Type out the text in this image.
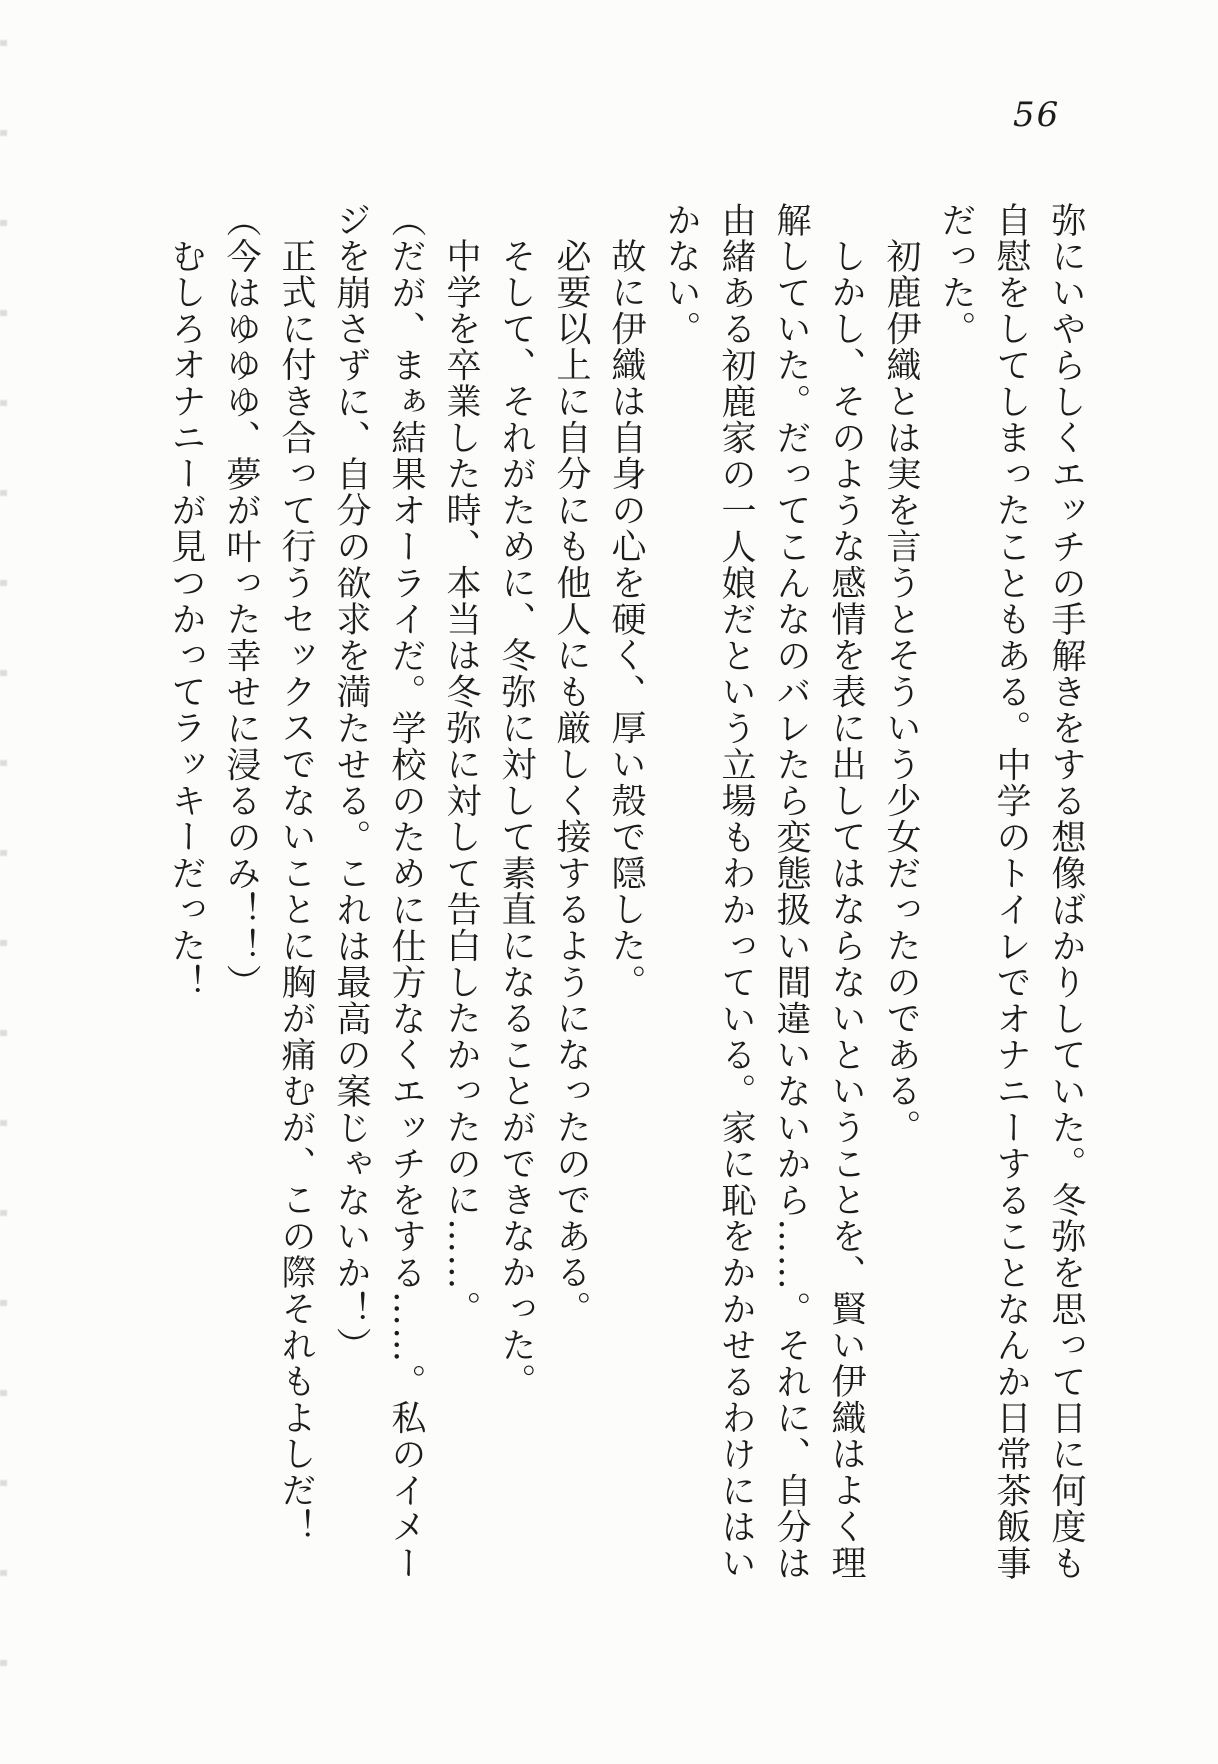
56

弥にいやらしくエッチの手解きをする想像ばかりしていた。冬弥を思って日に何度も自慰をしてしまったこともある。中学のトイレでオナニーすることなんか日常茶飯事だった。

初鹿伊織とは実を言うとそういう少女だったのである。

しかし、そのような感情を表に出してはならないということを、賢い伊織はよく理解していた。だってこんなのバレたら変態扱い間違いないから……。それに、自分は由緒ある初鹿家の一人娘だという立場もわかっている。家に恥をかかせるわけにはいかない。

故に伊織は自身の心を硬く、厚い殻で隠した。

必要以上に自分にも他人にも厳しく接するようになったのである。

そして、それがために、冬弥に対して素直になることができなかった。

中学を卒業した時、本当は冬弥に対して告白したかったのに……。

（だが、まぁ結果オーライだ。学校のために仕方なくエッチをする……。私のイメージを崩さずに、自分の欲求を満たせる。これは最高の案じゃないか！）

正式に付き合って行うセックスでないことに胸が痛むが、この際それもよしだ！

（今はゆゆゆ、夢が叶った幸せに浸るのみ！！）

むしろオナニーが見つかってラッキーだった！
